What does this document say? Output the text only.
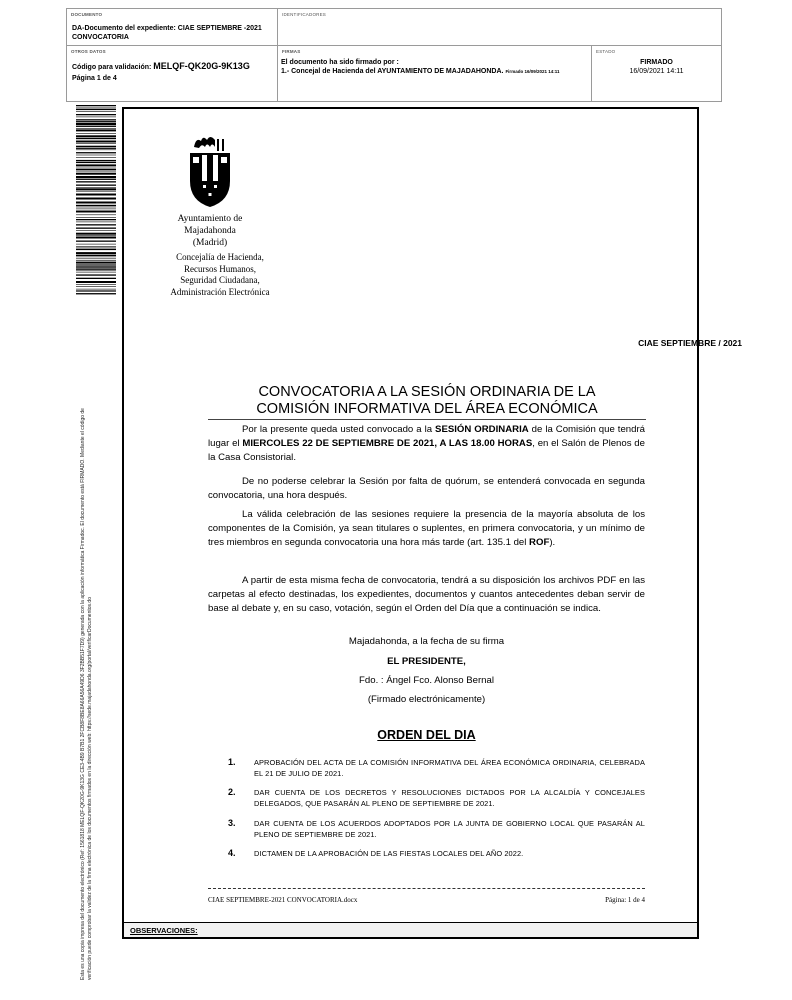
DOCUMENTO
DA-Documento del expediente: CIAE SEPTIEMBRE -2021 CONVOCATORIA
IDENTIFICADORES
OTROS DATOS
Código para validación: MELQF-QK20G-9K13G
Página 1 de 4
FIRMAS
El documento ha sido firmado por :
1.- Concejal de Hacienda del AYUNTAMIENTO DE MAJADAHONDA. Firmado 16/09/2021 14:11
ESTADO
FIRMADO
16/09/2021 14:11
Esta es una copia impresa del documento electrónico (Ref: 1561818 MELQF-QK20G-9K13G CE3-4B9 B7B1 2FCB8F8BE8A66A56A49D6 3F2BB51F7D9) generada con la aplicación informática Firmadoc. El documento está FIRMADO. Mediante el código de verificación puede comprobar la validez de la firma electrónica de los documentos firmados en la dirección web: https://sede.majadahonda.org/portal/verificarDocumentos.do	OBSERVACIONES:
Ayuntamiento de
Majadahonda
(Madrid)
Concejalía de Hacienda,
Recursos Humanos,
Seguridad Ciudadana,
Administración Electrónica
CIAE SEPTIEMBRE / 2021
CONVOCATORIA A LA SESIÓN ORDINARIA DE LA
COMISIÓN INFORMATIVA DEL ÁREA ECONÓMICA
Por la presente queda usted convocado a la SESIÓN ORDINARIA de la Comisión que tendrá lugar el MIERCOLES 22 DE SEPTIEMBRE DE 2021, A LAS 18.00 HORAS, en el Salón de Plenos de la Casa Consistorial.
De no poderse celebrar la Sesión por falta de quórum, se entenderá convocada en segunda convocatoria, una hora después.
La válida celebración de las sesiones requiere la presencia de la mayoría absoluta de los componentes de la Comisión, ya sean titulares o suplentes, en primera convocatoria, y un mínimo de tres miembros en segunda convocatoria una hora más tarde (art. 135.1 del ROF).
A partir de esta misma fecha de convocatoria, tendrá a su disposición los archivos PDF en las carpetas al efecto destinadas, los expedientes, documentos y cuantos antecedentes deban servir de base al debate y, en su caso, votación, según el Orden del Día que a continuación se indica.
Majadahonda, a la fecha de su firma
EL PRESIDENTE,
Fdo. : Ángel Fco. Alonso Bernal
(Firmado electrónicamente)
ORDEN DEL DIA
1. APROBACIÓN DEL ACTA DE LA COMISIÓN INFORMATIVA DEL ÁREA ECONÓMICA ORDINARIA, CELEBRADA EL 21 DE JULIO DE 2021.
2. DAR CUENTA DE LOS DECRETOS Y RESOLUCIONES DICTADOS POR LA ALCALDÍA Y CONCEJALES DELEGADOS, QUE PASARÁN AL PLENO DE SEPTIEMBRE DE 2021.
3. DAR CUENTA DE LOS ACUERDOS ADOPTADOS POR LA JUNTA DE GOBIERNO LOCAL QUE PASARÁN AL PLENO DE SEPTIEMBRE DE 2021.
4. DICTAMEN DE LA APROBACIÓN DE LAS FIESTAS LOCALES DEL AÑO 2022.
CIAE SEPTIEMBRE-2021 CONVOCATORIA.docx	Página: 1 de 4
